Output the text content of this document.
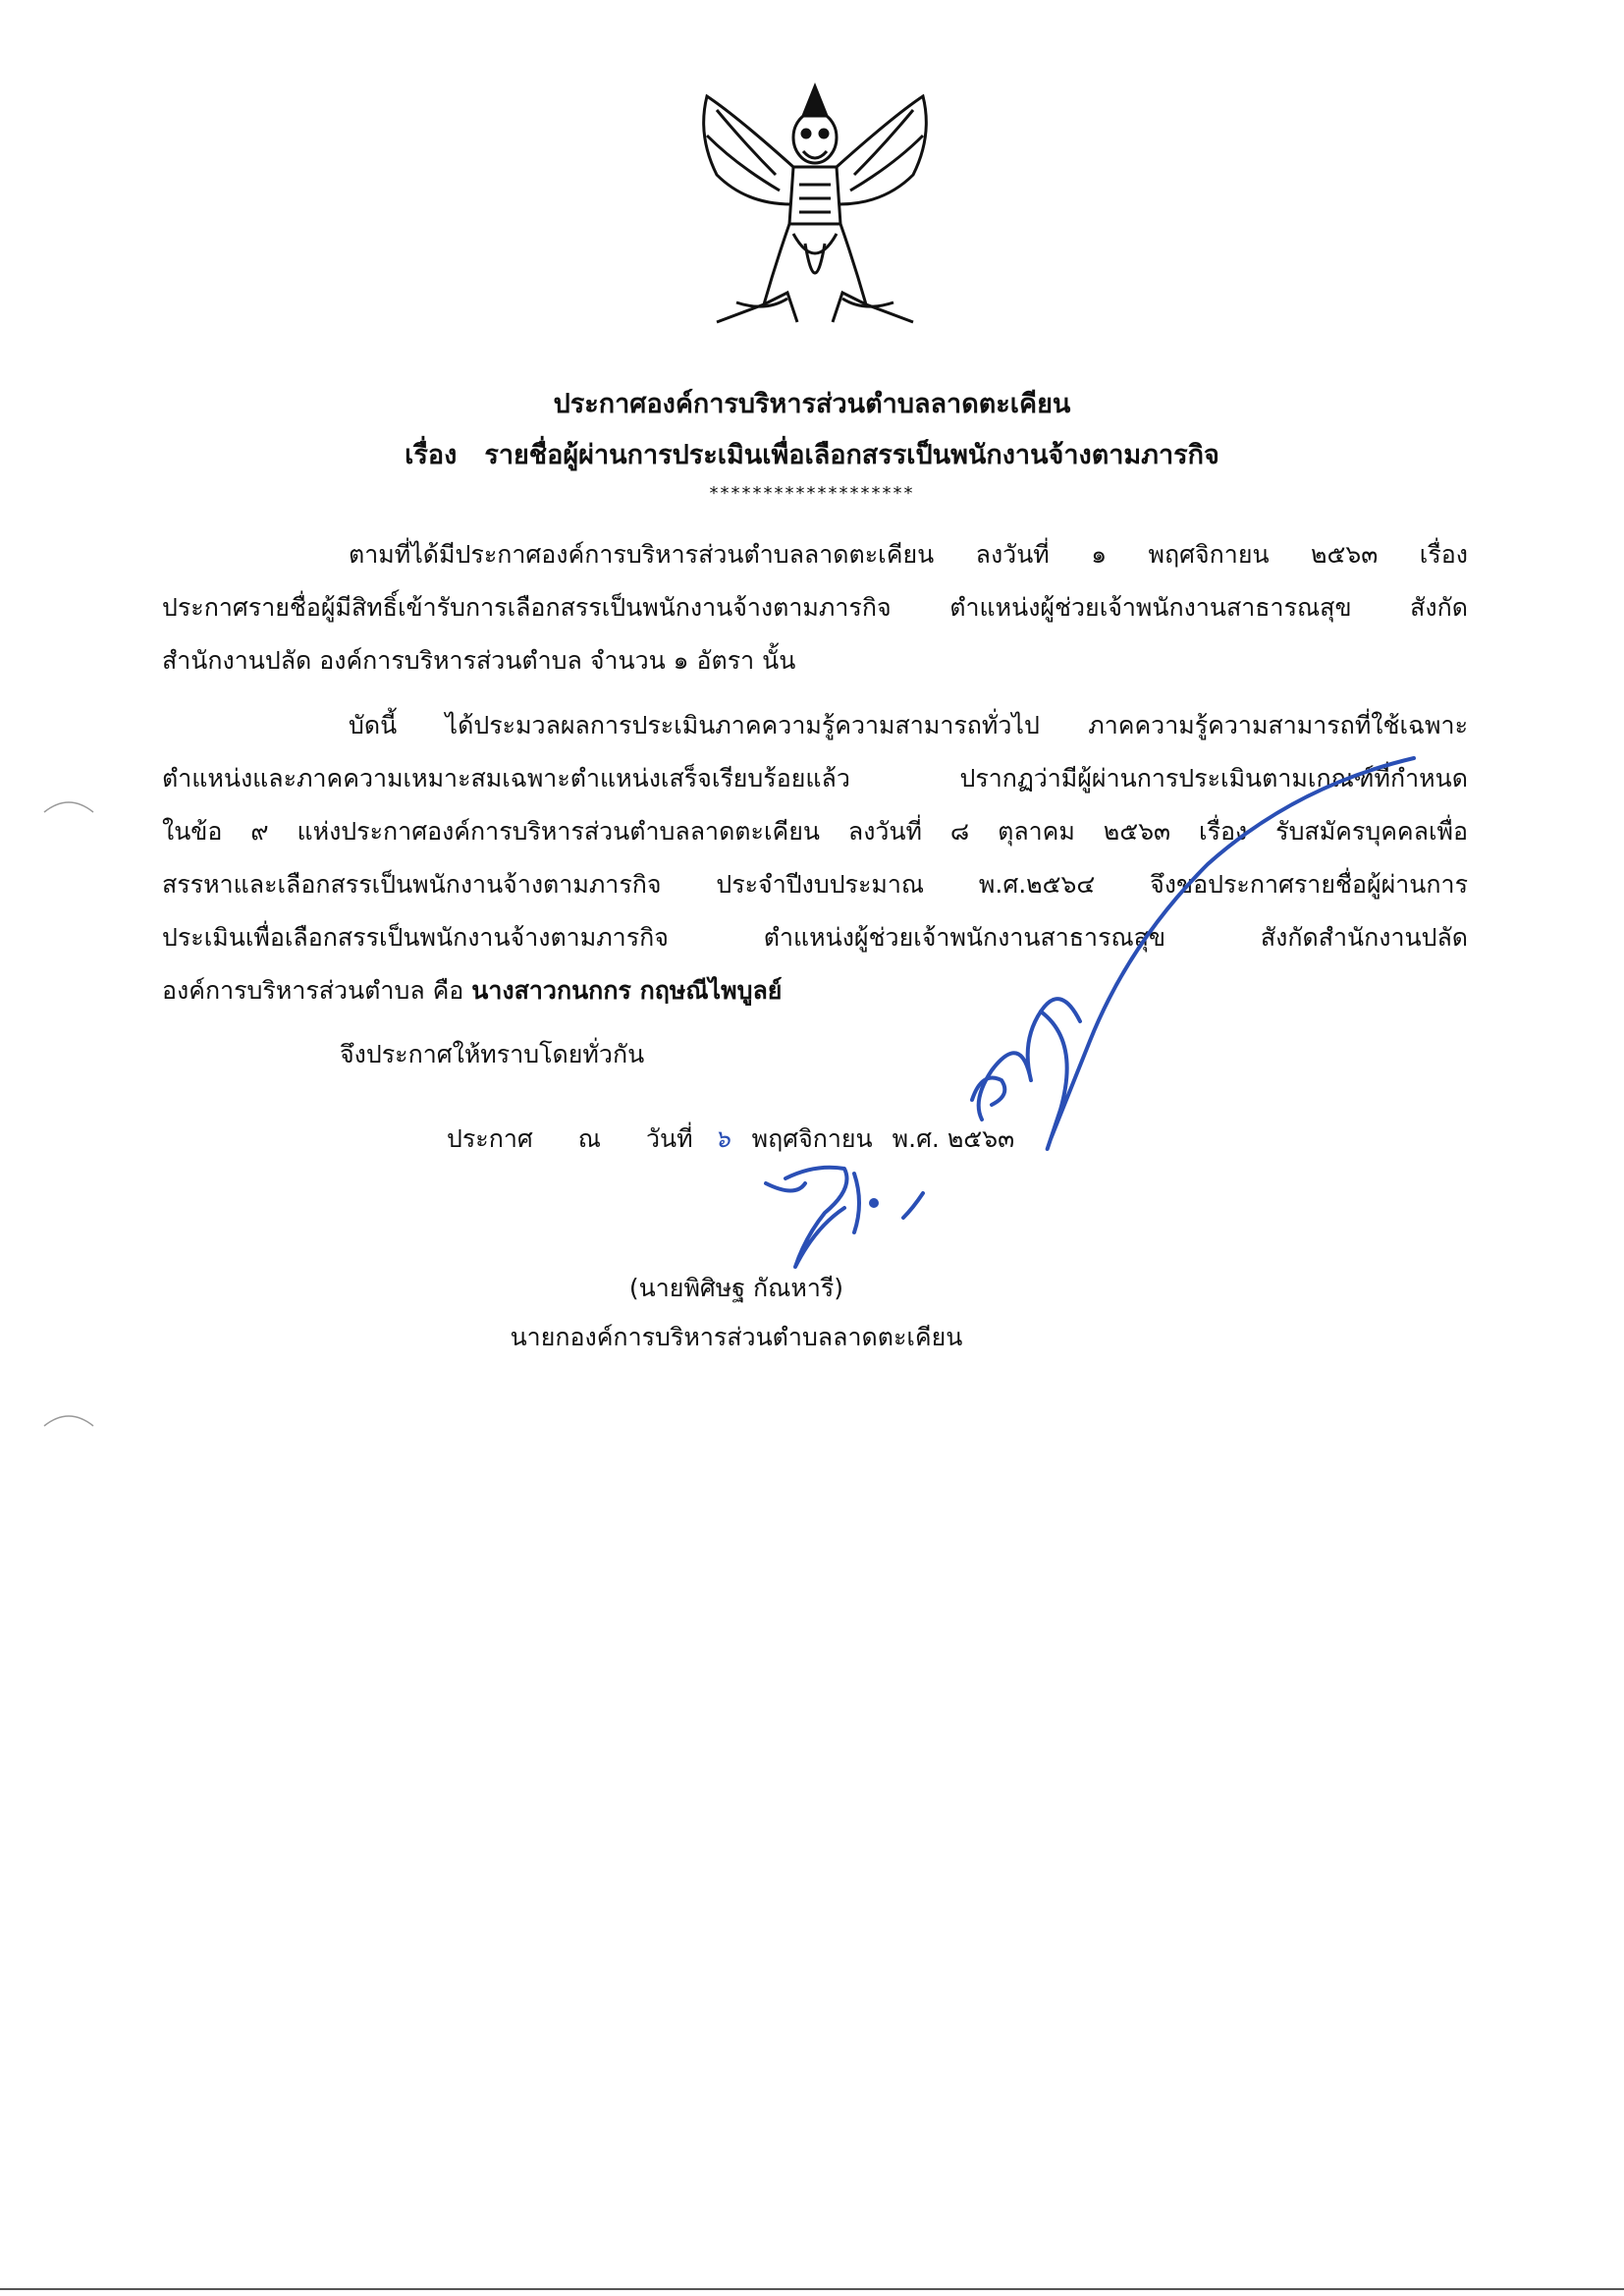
ประกาศองค์การบริหารส่วนตำบลลาดตะเคียน
เรื่อง รายชื่อผู้ผ่านการประเมินเพื่อเลือกสรรเป็นพนักงานจ้างตามภารกิจ
*******************
ตามที่ได้มีประกาศองค์การบริหารส่วนตำบลลาดตะเคียน ลงวันที่ ๑ พฤศจิกายน ๒๕๖๓ เรื่อง
ประกาศรายชื่อผู้มีสิทธิ์เข้ารับการเลือกสรรเป็นพนักงานจ้างตามภารกิจ ตำแหน่งผู้ช่วยเจ้าพนักงานสาธารณสุข สังกัด
สำนักงานปลัด องค์การบริหารส่วนตำบล จำนวน ๑ อัตรา นั้น
บัดนี้ ได้ประมวลผลการประเมินภาคความรู้ความสามารถทั่วไป ภาคความรู้ความสามารถที่ใช้เฉพาะ
ตำแหน่งและภาคความเหมาะสมเฉพาะตำแหน่งเสร็จเรียบร้อยแล้ว ปรากฏว่ามีผู้ผ่านการประเมินตามเกณฑ์ที่กำหนด
ในข้อ ๙ แห่งประกาศองค์การบริหารส่วนตำบลลาดตะเคียน ลงวันที่ ๘ ตุลาคม ๒๕๖๓ เรื่อง รับสมัครบุคคลเพื่อ
สรรหาและเลือกสรรเป็นพนักงานจ้างตามภารกิจ ประจำปีงบประมาณ พ.ศ.๒๕๖๔ จึงขอประกาศรายชื่อผู้ผ่านการ
ประเมินเพื่อเลือกสรรเป็นพนักงานจ้างตามภารกิจ ตำแหน่งผู้ช่วยเจ้าพนักงานสาธารณสุข สังกัดสำนักงานปลัด
องค์การบริหารส่วนตำบล คือ นางสาวกนกกร กฤษณีไพบูลย์
จึงประกาศให้ทราบโดยทั่วกัน
ประกาศ ณ วันที่ ๖ พฤศจิกายน พ.ศ. ๒๕๖๓
(นายพิศิษฐ กัณหารี)
นายกองค์การบริหารส่วนตำบลลาดตะเคียน
